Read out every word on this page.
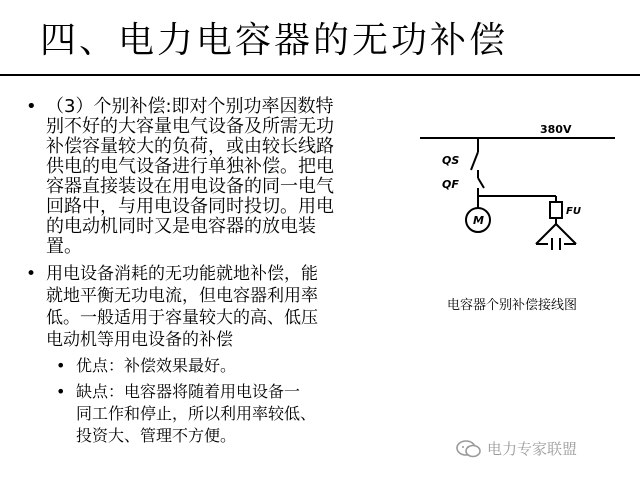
四、电力电容器的无功补偿
• （3）个别补偿:即对个别功率因数特
别不好的大容量电气设备及所需无功
补偿容量较大的负荷，或由较长线路
供电的电气设备进行单独补偿。把电
容器直接装设在用电设备的同一电气
回路中，与用电设备同时投切。用电
的电动机同时又是电容器的放电装
置。
• 用电设备消耗的无功能就地补偿，能
就地平衡无功电流，但电容器利用率
低。一般适用于容量较大的高、低压
电动机等用电设备的补偿
• 优点：补偿效果最好。
• 缺点：电容器将随着用电设备一
同工作和停止，所以利用率较低、
投资大、管理不方便。
380V
QS
QF
M
FU
电容器个别补偿接线图
电力专家联盟
